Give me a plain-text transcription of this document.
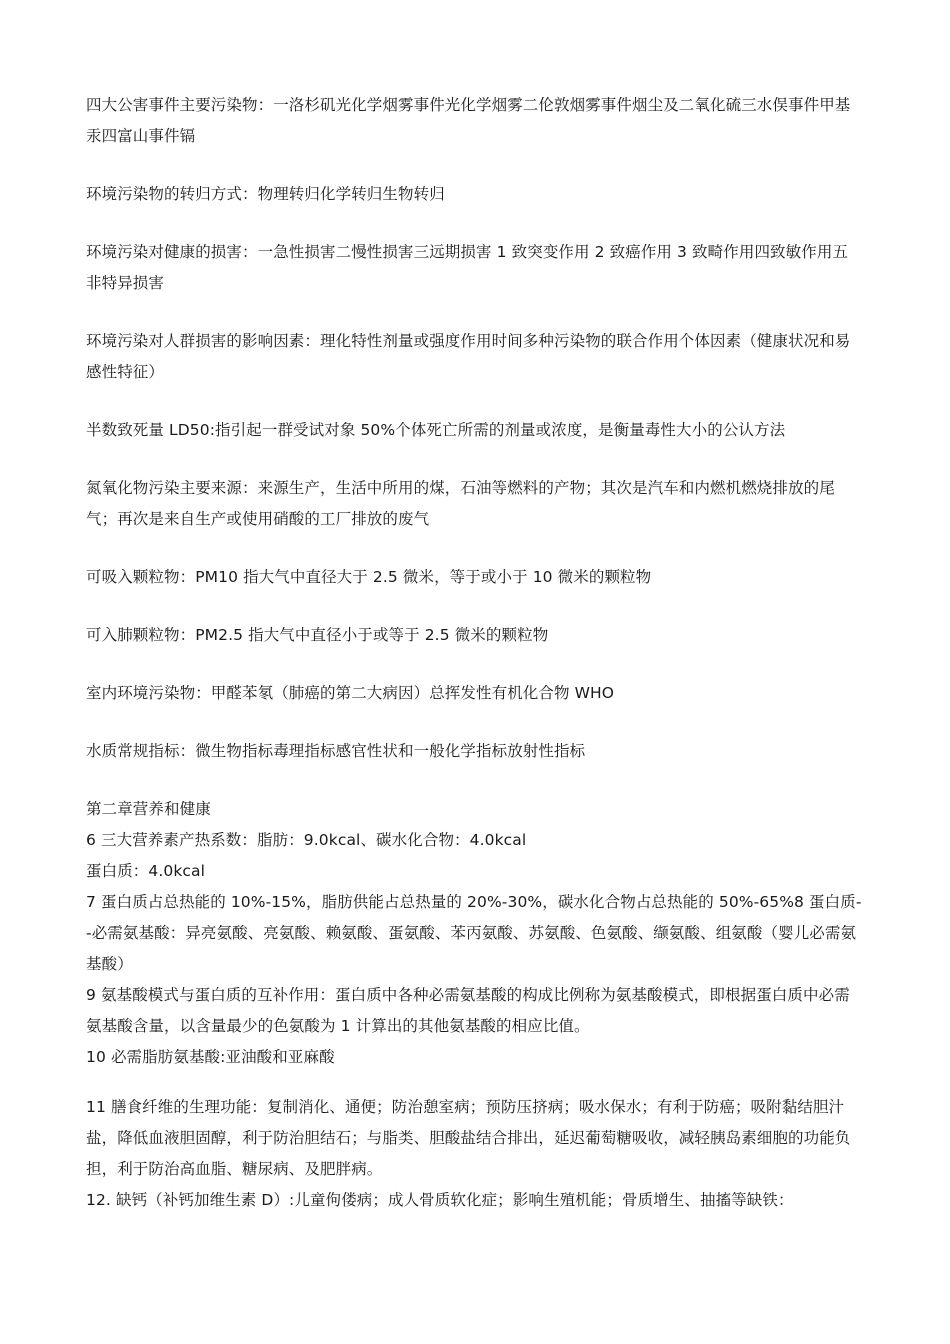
四大公害事件主要污染物：一洛杉矶光化学烟雾事件光化学烟雾二伦敦烟雾事件烟尘及二氧化硫三水俣事件甲基汞四富山事件镉

环境污染物的转归方式：物理转归化学转归生物转归

环境污染对健康的损害：一急性损害二慢性损害三远期损害 1 致突变作用 2 致癌作用 3 致畸作用四致敏作用五非特异损害

环境污染对人群损害的影响因素：理化特性剂量或强度作用时间多种污染物的联合作用个体因素（健康状况和易感性特征）

半数致死量 LD50:指引起一群受试对象 50%个体死亡所需的剂量或浓度，是衡量毒性大小的公认方法

氮氧化物污染主要来源：来源生产，生活中所用的煤，石油等燃料的产物；其次是汽车和内燃机燃烧排放的尾气；再次是来自生产或使用硝酸的工厂排放的废气

可吸入颗粒物：PM10 指大气中直径大于 2.5 微米，等于或小于 10 微米的颗粒物

可入肺颗粒物：PM2.5 指大气中直径小于或等于 2.5 微米的颗粒物

室内环境污染物：甲醛苯氡（肺癌的第二大病因）总挥发性有机化合物 WHO

水质常规指标：微生物指标毒理指标感官性状和一般化学指标放射性指标

第二章营养和健康

6 三大营养素产热系数：脂肪：9.0kcal、碳水化合物：4.0kcal

蛋白质：4.0kcal

7 蛋白质占总热能的 10%-15%，脂肪供能占总热量的 20%-30%，碳水化合物占总热能的 50%-65%8 蛋白质--必需氨基酸：异亮氨酸、亮氨酸、赖氨酸、蛋氨酸、苯丙氨酸、苏氨酸、色氨酸、缬氨酸、组氨酸（婴儿必需氨基酸）

9 氨基酸模式与蛋白质的互补作用：蛋白质中各种必需氨基酸的构成比例称为氨基酸模式，即根据蛋白质中必需氨基酸含量，以含量最少的色氨酸为 1 计算出的其他氨基酸的相应比值。

10 必需脂肪氨基酸:亚油酸和亚麻酸

11 膳食纤维的生理功能：复制消化、通便；防治憩室病；预防压挤病；吸水保水；有利于防癌；吸附黏结胆汁盐，降低血液胆固醇，利于防治胆结石；与脂类、胆酸盐结合排出，延迟葡萄糖吸收，减轻胰岛素细胞的功能负担，利于防治高血脂、糖尿病、及肥胖病。

12. 缺钙（补钙加维生素 D）:儿童佝偻病；成人骨质软化症；影响生殖机能；骨质增生、抽搐等缺铁：
